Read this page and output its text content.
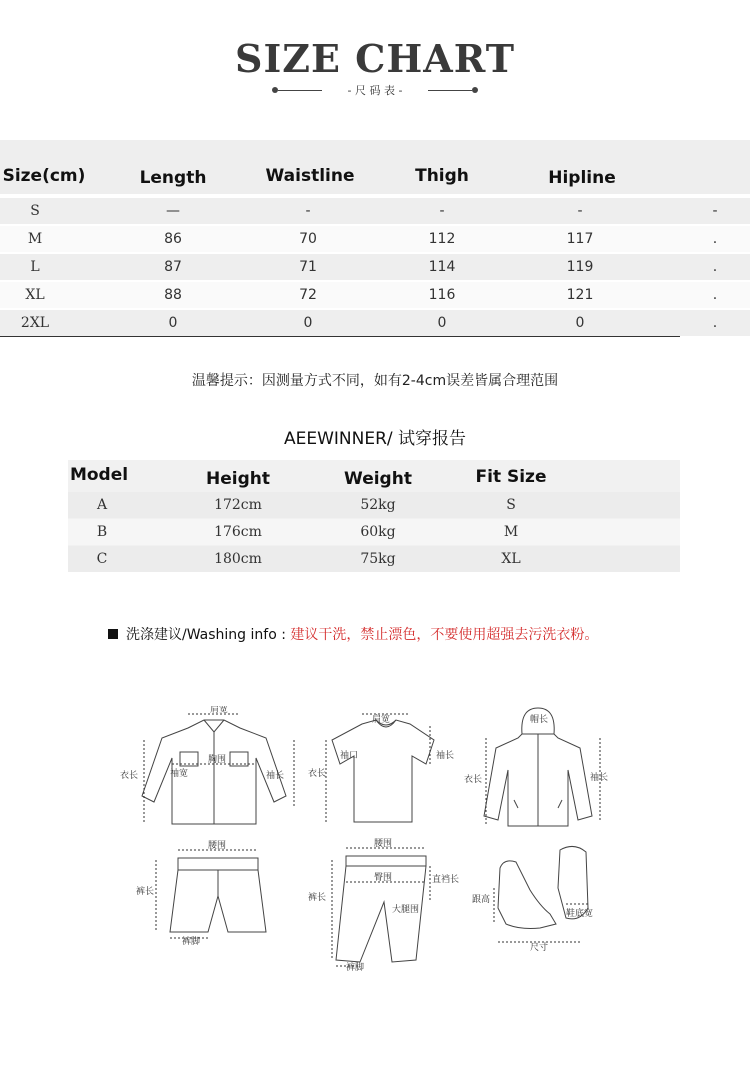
SIZE CHART
- 尺 码 表 -
Size(cm)	Length	Waistline	Thigh	Hipline
S	—	-	-	-	-
M	86	70	112	117	.
L	87	71	114	119	.
XL	88	72	116	121	.
2XL	0	0	0	0	.
温馨提示：因测量方式不同，如有2-4cm误差皆属合理范围
AEEWINNER/ 试穿报告
Model	Height	Weight	Fit Size
A	172cm	52kg	S
B	176cm	60kg	M
C	180cm	75kg	XL
洗涤建议/Washing info : 建议干洗，禁止漂色，不要使用超强去污洗衣粉。
肩宽
胸围
衣长	袖宽	袖长
肩宽
袖口
衣长
袖长
帽长
衣长	袖长
腰围
裤长
裤脚
腰围
臀围	直裆长
大腿围
裤长
裤脚
跟高
鞋底宽
尺寸
